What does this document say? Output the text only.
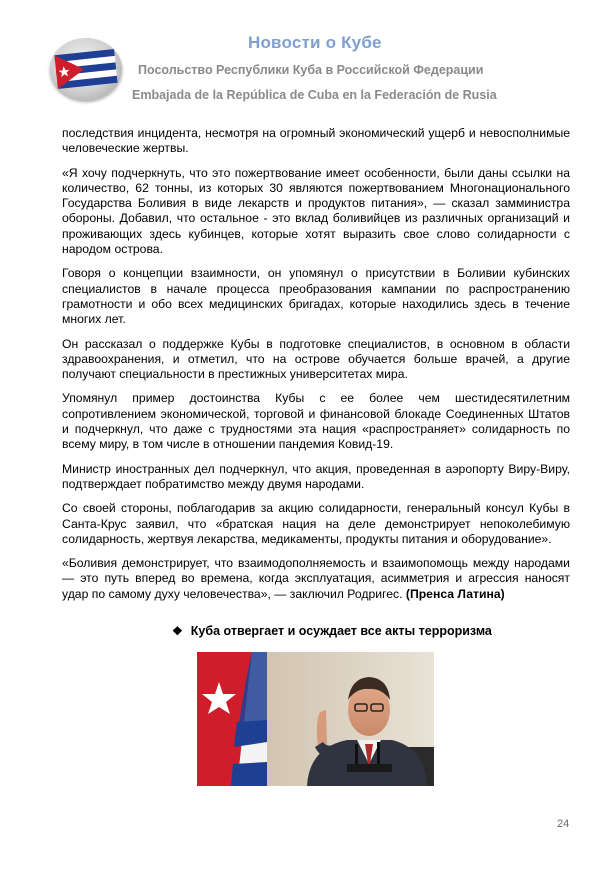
Новости о Кубе
Посольство Республики Куба в Российской Федерации
Embajada de la República de Cuba en la Federación de Rusia

последствия инцидента, несмотря на огромный экономический ущерб и невосполнимые человеческие жертвы.

«Я хочу подчеркнуть, что это пожертвование имеет особенности, были даны ссылки на количество, 62 тонны, из которых 30 являются пожертвованием Многонационального Государства Боливия в виде лекарств и продуктов питания», — сказал замминистра обороны. Добавил, что остальное - это вклад боливийцев из различных организаций и проживающих здесь кубинцев, которые хотят выразить свое слово солидарности с народом острова.

Говоря о концепции взаимности, он упомянул о присутствии в Боливии кубинских специалистов в начале процесса преобразования кампании по распространению грамотности и обо всех медицинских бригадах, которые находились здесь в течение многих лет.

Он рассказал о поддержке Кубы в подготовке специалистов, в основном в области здравоохранения, и отметил, что на острове обучается больше врачей, а другие получают специальности в престижных университетах мира.

Упомянул пример достоинства Кубы с ее более чем шестидесятилетним сопротивлением экономической, торговой и финансовой блокаде Соединенных Штатов и подчеркнул, что даже с трудностями эта нация «распространяет» солидарность по всему миру, в том числе в отношении пандемия Ковид-19.

Министр иностранных дел подчеркнул, что акция, проведенная в аэропорту Виру-Виру, подтверждает побратимство между двумя народами.

Со своей стороны, поблагодарив за акцию солидарности, генеральный консул Кубы в Санта-Крус заявил, что «братская нация на деле демонстрирует непоколебимую солидарность, жертвуя лекарства, медикаменты, продукты питания и оборудование».

«Боливия демонстрирует, что взаимодополняемость и взаимопомощь между народами — это путь вперед во времена, когда эксплуатация, асимметрия и агрессия наносят удар по самому духу человечества», — заключил Родригес. (Пренса Латина)

❖ Куба отвергает и осуждает все акты терроризма
24
